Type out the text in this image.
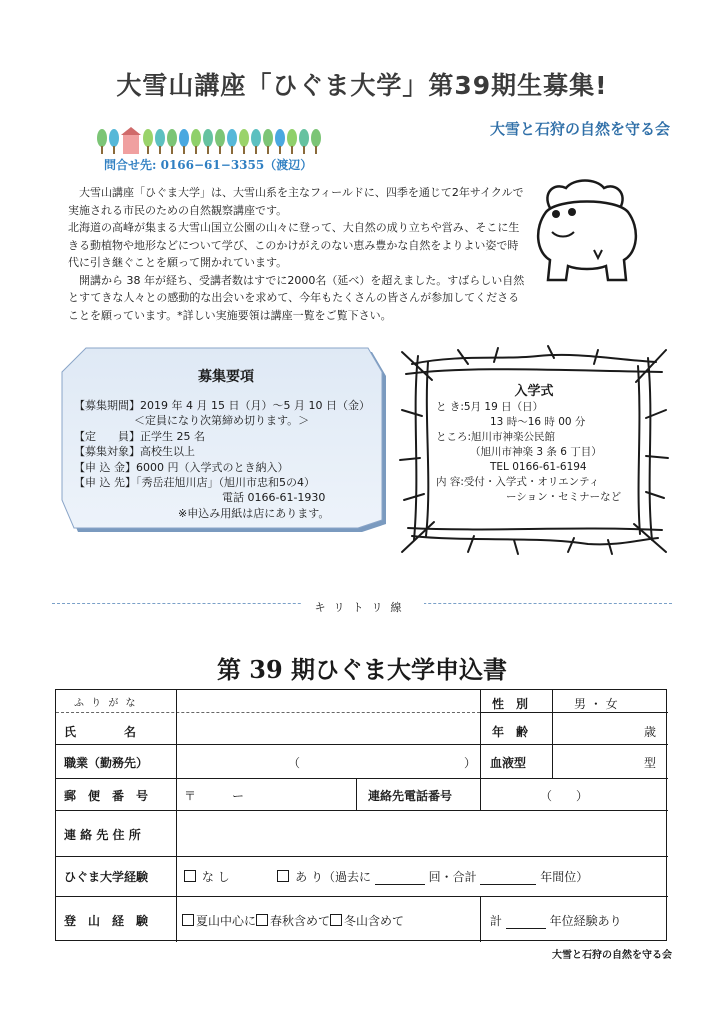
大雪山講座「ひぐま大学」第39期生募集!
大雪と石狩の自然を守る会
問合せ先: 0166−61−3355（渡辺）

　大雪山講座「ひぐま大学」は、大雪山系を主なフィールドに、四季を通じて2年サイクルで実施される市民のための自然観察講座です。

北海道の高峰が集まる大雪山国立公園の山々に登って、大自然の成り立ちや営み、そこに生きる動植物や地形などについて学び、このかけがえのない恵み豊かな自然をよりよい姿で時代に引き継ぐことを願って開かれています。

　開講から 38 年が経ち、受講者数はすでに2000名（延べ）を超えました。すばらしい自然とすてきな人々との感動的な出会いを求めて、今年もたくさんの皆さんが参加してくださることを願っています。*詳しい実施要領は講座一覧をご覧下さい。

募集要項
【募集期間】2019 年 4 月 15 日（月）〜5 月 10 日（金）
＜定員になり次第締め切ります。＞
【定　　員】正学生 25 名
【募集対象】高校生以上
【申 込 金】6000 円（入学式のとき納入）
【申 込 先】「秀岳荘旭川店」（旭川市忠和5の4）
電話 0166-61-1930
※申込み用紙は店にあります。
入学式
と き:5月 19 日（日）
13 時〜16 時 00 分
ところ:旭川市神楽公民館
（旭川市神楽 3 条 6 丁目）
TEL 0166-61-6194
内 容:受付・入学式・オリエンティ
ーション・セミナーなど
キリトリ線
第 39 期ひぐま大学申込書
ふ り が な
氏　　　　名
性　別	男 ・ 女
年　齢	歳
職業（勤務先）	（	） 血液型	型
郵　便　番　号	〒　　　ー	連絡先電話番号	（　　）
連 絡 先 住 所
ひぐま大学経験	な し	あ り（過去に	回・合計	年間位）
登　山　経　験	夏山中心に 春秋含めて 冬山含めて	計	年位経験あり
大雪と石狩の自然を守る会
